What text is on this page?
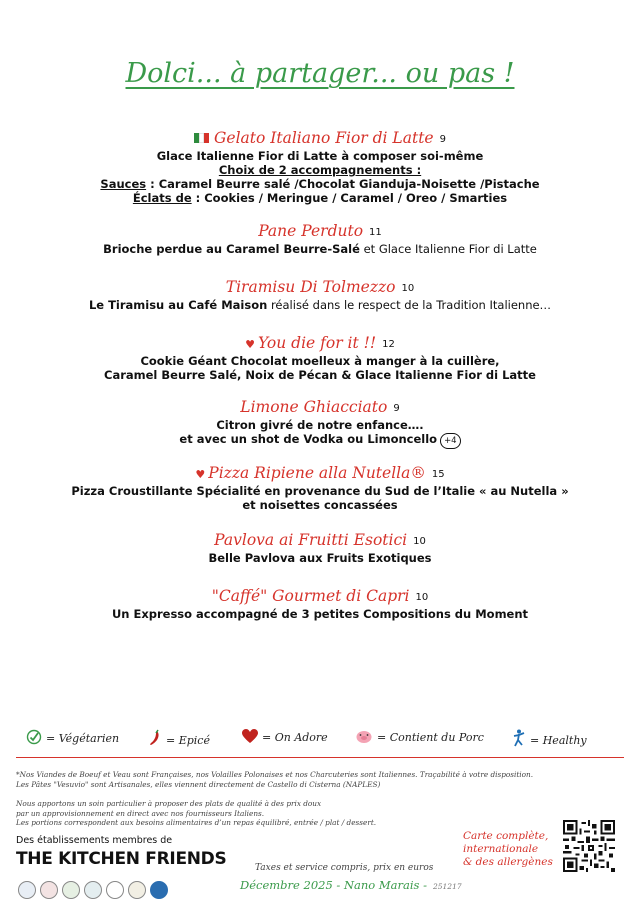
Dolci... à partager... ou pas !
Gelato Italiano Fior di Latte 9
Glace Italienne Fior di Latte à composer soi-même
Choix de 2 accompagnements :
Sauces : Caramel Beurre salé /Chocolat Gianduja-Noisette /Pistache
Éclats de : Cookies / Meringue / Caramel / Oreo / Smarties
Pane Perduto 11
Brioche perdue au Caramel Beurre-Salé et Glace Italienne Fior di Latte
Tiramisu Di Tolmezzo 10
Le Tiramisu au Café Maison réalisé dans le respect de la Tradition Italienne…
♥ You die for it !! 12
Cookie Géant Chocolat moelleux à manger à la cuillère,
Caramel Beurre Salé, Noix de Pécan & Glace Italienne Fior di Latte
Limone Ghiacciato 9
Citron givré de notre enfance….
et avec un shot de Vodka ou Limoncello +4
♥ Pizza Ripiene alla Nutella® 15
Pizza Croustillante Spécialité en provenance du Sud de l’Italie « au Nutella »
et noisettes concassées
Pavlova ai Fruitti Esotici 10
Belle Pavlova aux Fruits Exotiques
"Caffé" Gourmet di Capri 10
Un Expresso accompagné de 3 petites Compositions du Moment
= Végétarien	= Epicé	= On Adore	= Contient du Porc	= Healthy
*Nos Viandes de Boeuf et Veau sont Françaises, nos Volailles Polonaises et nos Charcuteries sont Italiennes. Traçabilité à votre disposition.
Les Pâtes "Vesuvio" sont Artisanales, elles viennent directement de Castello di Cisterna (NAPLES)
Nous apportons un soin particulier à proposer des plats de qualité à des prix doux
par un approvisionnement en direct avec nos fournisseurs Italiens.
Les portions correspondent aux besoins alimentaires d’un repas équilibré, entrée / plat / dessert.
Des établissements membres de
THE KITCHEN FRIENDS	Taxes et service compris, prix en euros
Décembre 2025 - Nano Marais - 251217
Carte complète,
internationale
& des allergènes
